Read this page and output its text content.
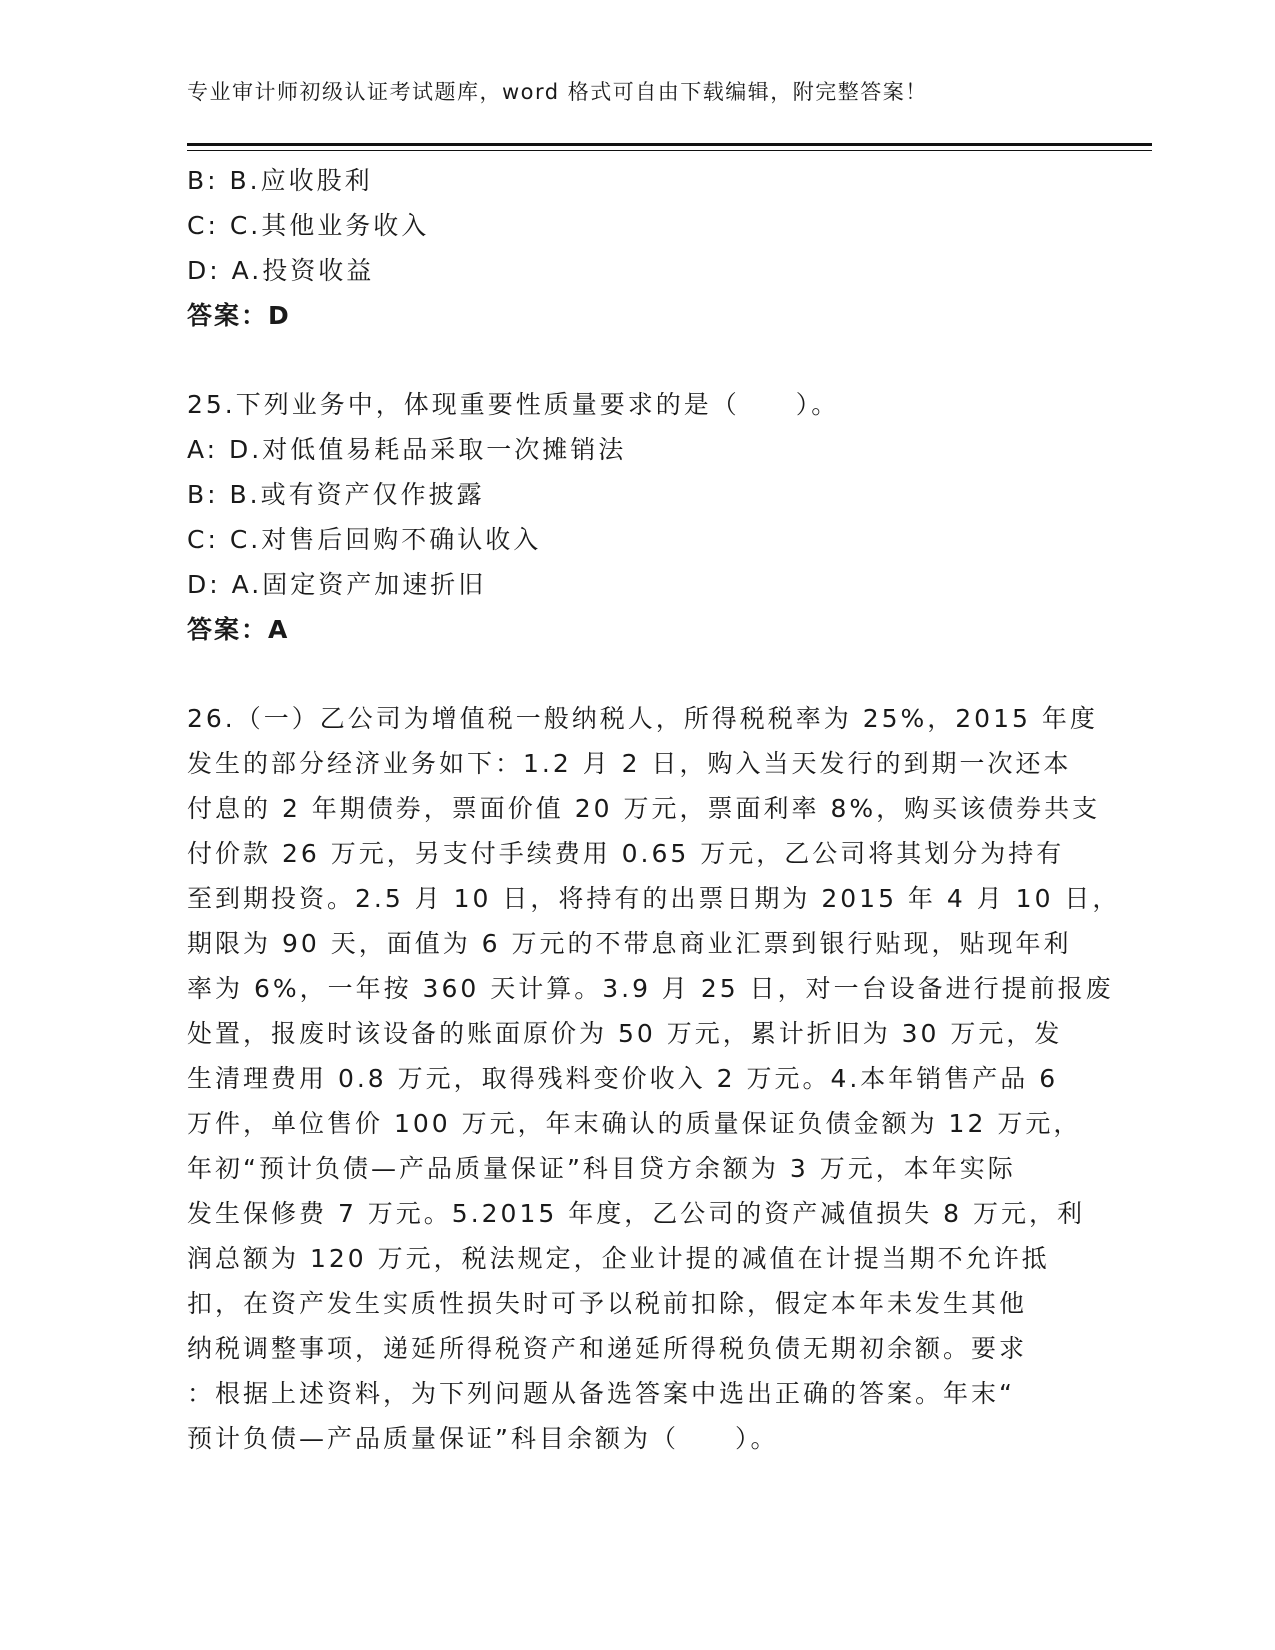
专业审计师初级认证考试题库，word 格式可自由下载编辑，附完整答案！

B: B.应收股利

C: C.其他业务收入

D: A.投资收益

答案：D

25.下列业务中，体现重要性质量要求的是（　　）。

A: D.对低值易耗品采取一次摊销法

B: B.或有资产仅作披露

C: C.对售后回购不确认收入

D: A.固定资产加速折旧

答案：A

26.（一）乙公司为增值税一般纳税人，所得税税率为 25%，2015 年度

发生的部分经济业务如下：1.2 月 2 日，购入当天发行的到期一次还本

付息的 2 年期债券，票面价值 20 万元，票面利率 8%，购买该债券共支

付价款 26 万元，另支付手续费用 0.65 万元，乙公司将其划分为持有

至到期投资。2.5 月 10 日，将持有的出票日期为 2015 年 4 月 10 日，

期限为 90 天，面值为 6 万元的不带息商业汇票到银行贴现，贴现年利

率为 6%，一年按 360 天计算。3.9 月 25 日，对一台设备进行提前报废

处置，报废时该设备的账面原价为 50 万元，累计折旧为 30 万元，发

生清理费用 0.8 万元，取得残料变价收入 2 万元。4.本年销售产品 6

万件，单位售价 100 万元，年末确认的质量保证负债金额为 12 万元，

年初“预计负债—产品质量保证”科目贷方余额为 3 万元，本年实际

发生保修费 7 万元。5.2015 年度，乙公司的资产减值损失 8 万元，利

润总额为 120 万元，税法规定，企业计提的减值在计提当期不允许抵

扣，在资产发生实质性损失时可予以税前扣除，假定本年未发生其他

纳税调整事项，递延所得税资产和递延所得税负债无期初余额。要求

：根据上述资料，为下列问题从备选答案中选出正确的答案。年末“

预计负债—产品质量保证”科目余额为（　　）。
